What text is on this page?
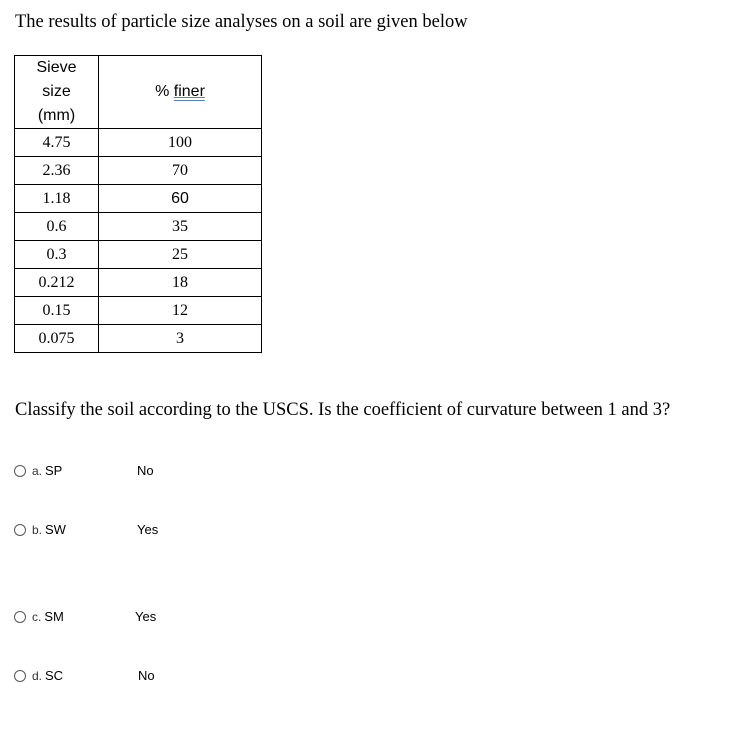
The results of particle size analyses on a soil are given below
Sieve
size
(mm)	% finer
4.75	100
2.36	70
1.18	60
0.6	35
0.3	25
0.212	18
0.15	12
0.075	3
Classify the soil according to the USCS. Is the coefficient of curvature between 1 and 3?
a. SP	No
b. SW	Yes
c. SM	Yes
d. SC	No
